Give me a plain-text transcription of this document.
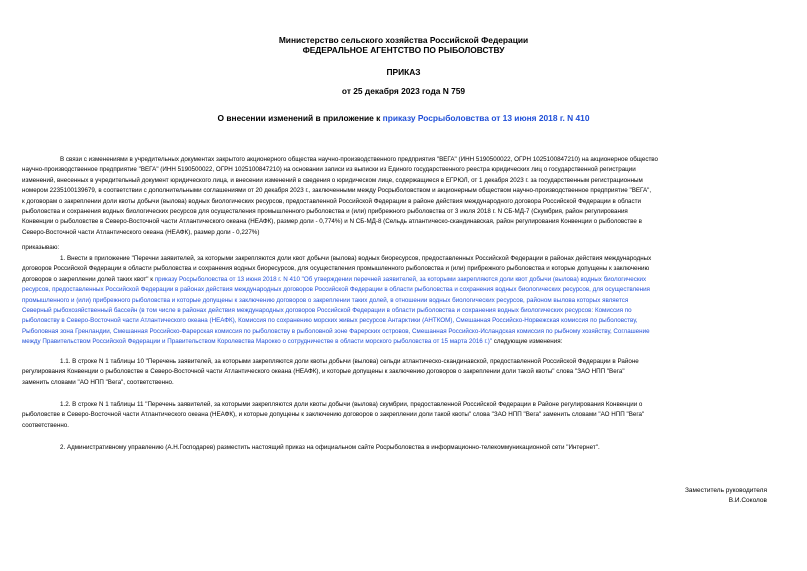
Министерство сельского хозяйства Российской Федерации
ФЕДЕРАЛЬНОЕ АГЕНТСТВО ПО РЫБОЛОВСТВУ
ПРИКАЗ
от 25 декабря 2023 года N 759
О внесении изменений в приложение к приказу Росрыболовства от 13 июня 2018 г. N 410
В связи с изменениями в учредительных документах закрытого акционерного общества научно-производственного предприятия "ВЕГА" (ИНН 5190500022, ОГРН 1025100847210) на акционерное общество
научно-производственное предприятие "ВЕГА" (ИНН 5190500022, ОГРН 1025100847210) на основании записи из выписки из Единого государственного реестра юридических лиц о государственной регистрации
изменений, внесенных в учредительный документ юридического лица, и внесении изменений в сведения о юридическом лице, содержащиеся в ЕГРЮЛ, от 1 декабря 2023 г. за государственным регистрационным
номером 2235100139679, в соответствии с дополнительными соглашениями от 20 декабря 2023 г., заключенными между Росрыболовством и акционерным обществом научно-производственное предприятие "ВЕГА",
к договорам о закреплении доли квоты добычи (вылова) водных биологических ресурсов, предоставленной Российской Федерации в районе действия международного договора Российской Федерации в области
рыболовства и сохранения водных биологических ресурсов для осуществления промышленного рыболовства и (или) прибрежного рыболовства от 3 июля 2018 г. N СБ-МД-7 (Скумбрия, район регулирования
Конвенции о рыболовстве в Северо-Восточной части Атлантического океана (НЕАФК), размер доли - 0,774%) и N СБ-МД-8 (Сельдь атлантическо-скандинавская, район регулирования Конвенции о рыболовстве в
Северо-Восточной части Атлантического океана (НЕАФК), размер доли - 0,227%)
приказываю:
1. Внести в приложение "Перечни заявителей, за которыми закрепляются доли квот добычи (вылова) водных биоресурсов, предоставленных Российской Федерации в районах действия международных
договоров Российской Федерации в области рыболовства и сохранения водных биоресурсов, для осуществления промышленного рыболовства и (или) прибрежного рыболовства и которые допущены к заключению
договоров о закреплении долей таких квот" к приказу Росрыболовства от 13 июня 2018 г. N 410 "Об утверждении перечней заявителей, за которыми закрепляются доли квот добычи (вылова) водных биологических
ресурсов, предоставленных Российской Федерации в районах действия международных договоров Российской Федерации в области рыболовства и сохранения водных биологических ресурсов, для осуществления
промышленного и (или) прибрежного рыболовства и которые допущены к заключению договоров о закреплении таких долей, в отношении водных биологических ресурсов, районом вылова которых является
Северный рыбохозяйственный бассейн (в том числе в районах действия международных договоров Российской Федерации в области рыболовства и сохранения водных биологических ресурсов: Комиссия по
рыболовству в Северо-Восточной части Атлантического океана (НЕАФК), Комиссия по сохранению морских живых ресурсов Антарктики (АНТКОМ), Смешанная Российско-Норвежская комиссия по рыболовству,
Рыболовная зона Гренландии, Смешанная Российско-Фарерская комиссия по рыболовству в рыболовной зоне Фарерских островов, Смешанная Российско-Исландская комиссия по рыбному хозяйству, Соглашение
между Правительством Российской Федерации и Правительством Королевства Марокко о сотрудничестве в области морского рыболовства от 15 марта 2016 г.)" следующие изменения:
1.1. В строке N 1 таблицы 10 "Перечень заявителей, за которыми закрепляются доли квоты добычи (вылова) сельди атлантическо-скандинавской, предоставленной Российской Федерации в Районе
регулирования Конвенции о рыболовстве в Северо-Восточной части Атлантического океана (НЕАФК), и которые допущены к заключению договоров о закреплении доли такой квоты" слова "ЗАО НПП "Вега"
заменить словами "АО НПП "Вега", соответственно.
1.2. В строке N 1 таблицы 11 "Перечень заявителей, за которыми закрепляются доли квоты добычи (вылова) скумбрии, предоставленной Российской Федерации в Районе регулирования Конвенции о
рыболовстве в Северо-Восточной части Атлантического океана (НЕАФК), и которые допущены к заключению договоров о закреплении доли такой квоты" слова "ЗАО НПП "Вега" заменить словами "АО НПП "Вега"
соответственно.
2. Административному управлению (А.Н.Господарев) разместить настоящий приказ на официальном сайте Росрыболовства в информационно-телекоммуникационной сети "Интернет".
Заместитель руководителя
В.И.Соколов
